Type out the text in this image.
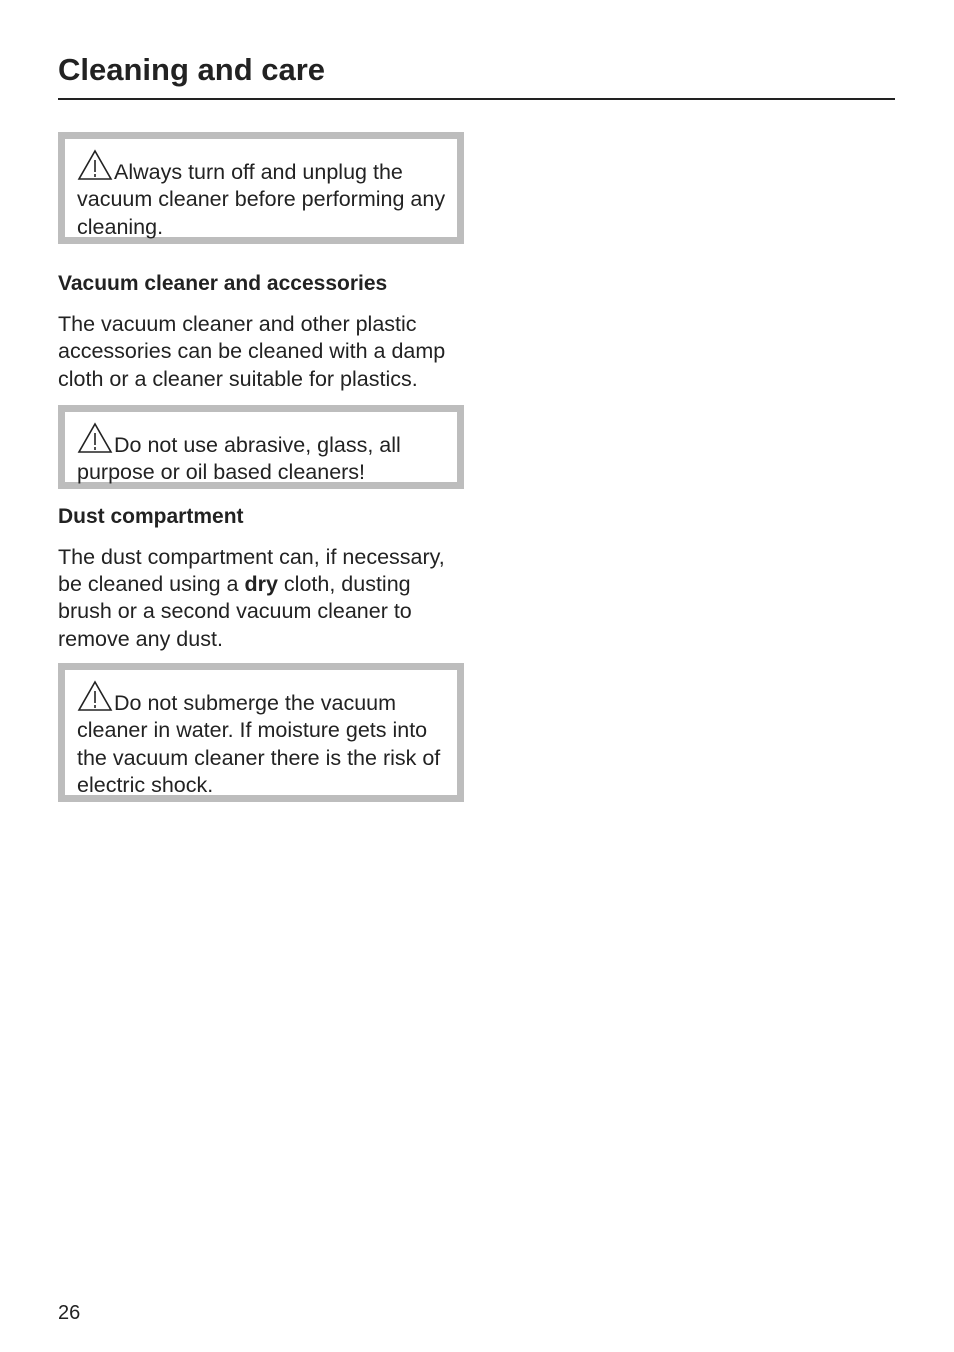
Cleaning and care
Always turn off and unplug the vacuum cleaner before performing any cleaning.
Vacuum cleaner and accessories

The vacuum cleaner and other plastic accessories can be cleaned with a damp cloth or a cleaner suitable for plastics.

Do not use abrasive, glass, all purpose or oil based cleaners!
Dust compartment

The dust compartment can, if necessary, be cleaned using a dry cloth, dusting brush or a second vacuum cleaner to remove any dust.

Do not submerge the vacuum cleaner in water. If moisture gets into the vacuum cleaner there is the risk of electric shock.
26
